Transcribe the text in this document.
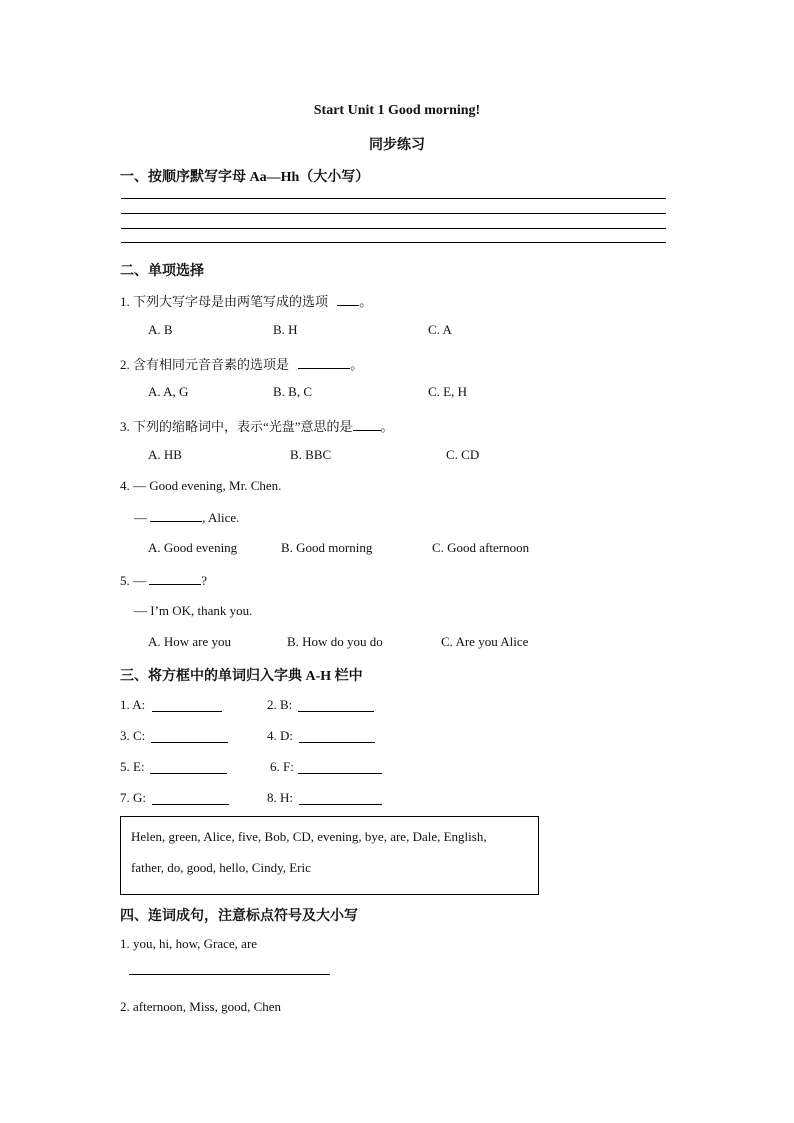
Start Unit 1 Good morning!
同步练习
一、按顺序默写字母 Aa—Hh（大小写）
二、单项选择
1. 下列大写字母是由两笔写成的选项 。
A. B	B. H	C. A
2. 含有相同元音音素的选项是	。
A. A, G	B. B, C	C. E, H
3. 下列的缩略词中，表示“光盘”意思的是 。
A. HB	B. BBC	C. CD
4. — Good evening, Mr. Chen.
—	, Alice.
A. Good evening	B. Good morning	C. Good afternoon
5. —	?
— I’m OK, thank you.
A. How are you	B. How do you do	C. Are you Alice
三、将方框中的单词归入字典 A-H 栏中
1. A:	2. B:
3. C:	4. D:
5. E:	6. F:
7. G:	8. H:
Helen, green, Alice, five, Bob, CD, evening, bye, are, Dale, English,
father, do, good, hello, Cindy, Eric
四、连词成句，注意标点符号及大小写
1. you, hi, how, Grace, are
2. afternoon, Miss, good, Chen
